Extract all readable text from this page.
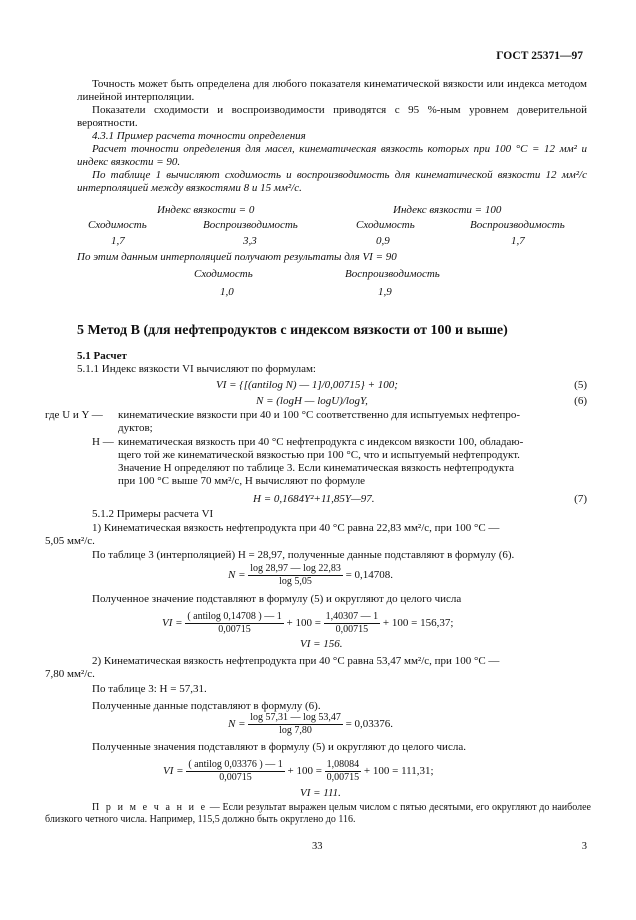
ГОСТ 25371—97

Точность может быть определена для любого показателя кинематической вязкости или индекса методом линейной интерполяции.

Показатели сходимости и воспроизводимости приводятся с 95 %-ным уровнем доверительной вероятности.

4.3.1 Пример расчета точности определения

Расчет точности определения для масел, кинематическая вязкость которых при 100 °С = 12 мм² и индекс вязкости = 90.

По таблице 1 вычисляют сходимость и воспроизводимость для кинематической вязкости 12 мм²/с интерполяцией между вязкостями 8 и 15 мм²/с.

Индекс вязкости = 0	Индекс вязкости = 100
Сходимость	Воспроизводимость	Сходимость	Воспроизводимость
1,7	3,3	0,9	1,7
По этим данным интерполяцией получают результаты для VI = 90
Сходимость	Воспроизводимость
1,0	1,9
5 Метод В (для нефтепродуктов с индексом вязкости от 100 и выше)
5.1 Расчет
5.1.1 Индекс вязкости VI вычисляют по формулам:
VI = {[(antilog N) — 1]/0,00715} + 100;	(5)
N = (logH — logU)/logY,	(6)
где U и Y — кинематические вязкости при 40 и 100 °С соответственно для испытуемых нефтепро-
дуктов;
H — кинематическая вязкость при 40 °С нефтепродукта с индексом вязкости 100, обладаю-
щего той же кинематической вязкостью при 100 °С, что и испытуемый нефтепродукт.
Значение H определяют по таблице 3. Если кинематическая вязкость нефтепродукта
при 100 °С выше 70 мм²/с, H вычисляют по формуле
H = 0,1684Y²+11,85Y—97.	(7)
5.1.2 Примеры расчета VI
1) Кинематическая вязкость нефтепродукта при 40 °С равна 22,83 мм²/с, при 100 °С —
5,05 мм²/с.
По таблице 3 (интерполяцией) H = 28,97, полученные данные подставляют в формулу (6).
$N = \frac{\log 28,97 — \log 22,83}{\log 5,05} = 0,14708$.
Полученное значение подставляют в формулу (5) и округляют до целого числа
VI = $\frac{\text{( antilog 0,14708 ) — 1}}{0,00715} + 100 = \frac{1,40307 — 1}{0,00715} + 100 = 156,37$;
VI = 156.
2) Кинематическая вязкость нефтепродукта при 40 °С равна 53,47 мм²/с, при 100 °С —
7,80 мм²/с.
По таблице 3: H = 57,31.
Полученные данные подставляют в формулу (6).
$N = \frac{\log 57,31 — \log 53,47}{\log 7,80} = 0,03376$.
Полученные значения подставляют в формулу (5) и округляют до целого числа.
VI = $\frac{\text{( antilog 0,03376 ) — 1}}{0,00715} + 100 = \frac{1,08084}{0,00715} + 100 = 111,31$;
VI = 111.
П р и м е ч а н и е — Если результат выражен целым числом с пятью десятыми, его округляют до наиболее близкого четного числа. Например, 115,5 должно быть округлено до 116.
33	3
